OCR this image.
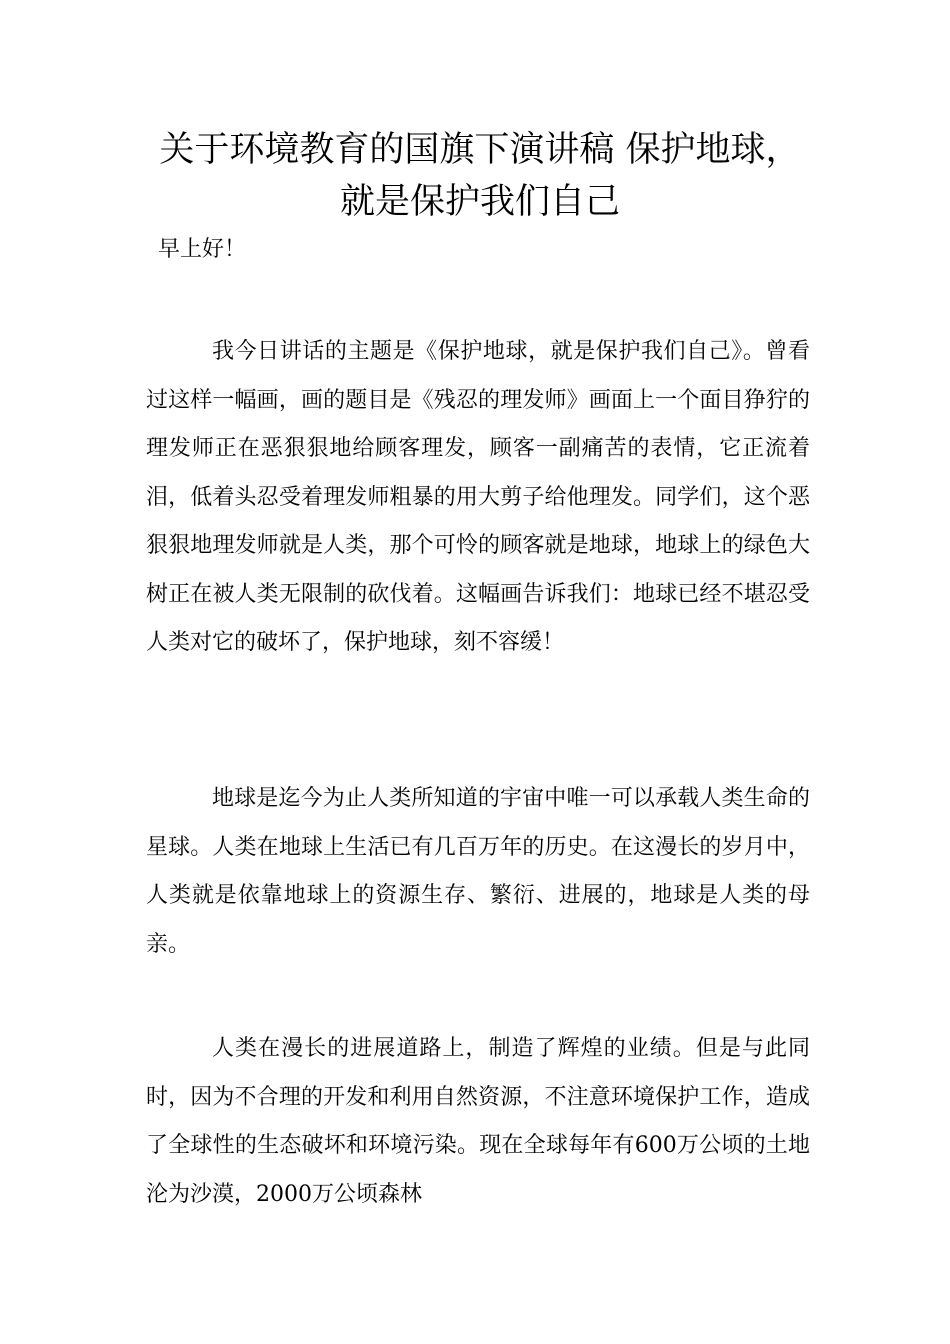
关于环境教育的国旗下演讲稿 保护地球，就是保护我们自己

早上好！

我今日讲话的主题是《保护地球，就是保护我们自己》。曾看过这样一幅画，画的题目是《残忍的理发师》画面上一个面目狰狞的理发师正在恶狠狠地给顾客理发，顾客一副痛苦的表情，它正流着泪，低着头忍受着理发师粗暴的用大剪子给他理发。同学们，这个恶狠狠地理发师就是人类，那个可怜的顾客就是地球，地球上的绿色大树正在被人类无限制的砍伐着。这幅画告诉我们：地球已经不堪忍受人类对它的破坏了，保护地球，刻不容缓！

地球是迄今为止人类所知道的宇宙中唯一可以承载人类生命的星球。人类在地球上生活已有几百万年的历史。在这漫长的岁月中，人类就是依靠地球上的资源生存、繁衍、进展的，地球是人类的母亲。

人类在漫长的进展道路上，制造了辉煌的业绩。但是与此同时，因为不合理的开发和利用自然资源，不注意环境保护工作，造成了全球性的生态破坏和环境污染。现在全球每年有600万公顷的土地沦为沙漠，2000万公顷森林
